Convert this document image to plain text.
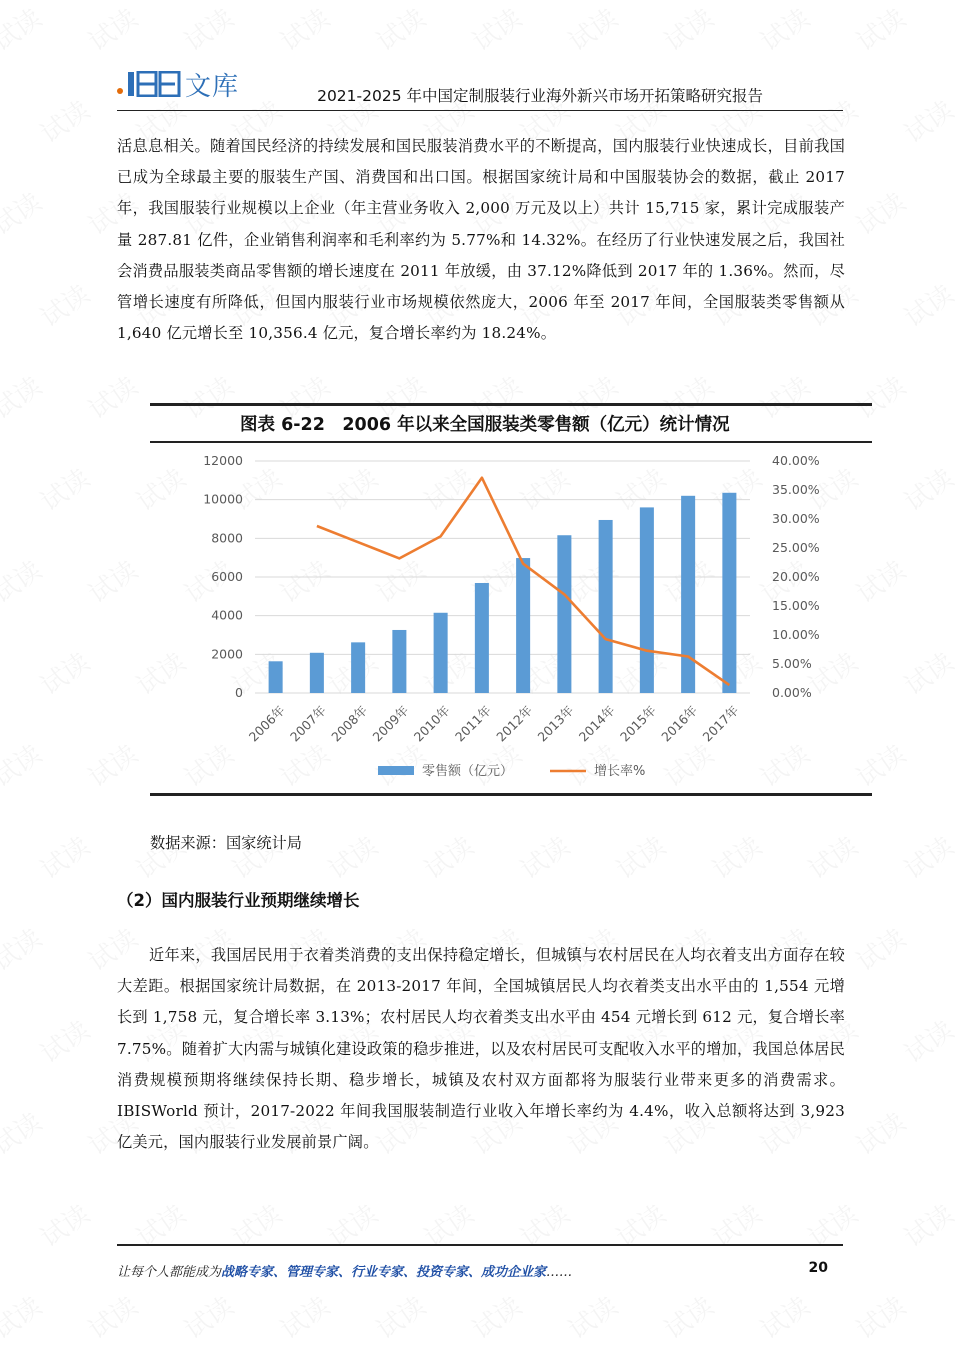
文库	2021-2025 年中国定制服装行业海外新兴市场开拓策略研究报告
活息息相关。随着国民经济的持续发展和国民服装消费水平的不断提高，国内服装行业快速成长，目前我国已成为全球最主要的服装生产国、消费国和出口国。根据国家统计局和中国服装协会的数据，截止 2017 年，我国服装行业规模以上企业（年主营业务收入 2,000 万元及以上）共计 15,715 家，累计完成服装产量 287.81 亿件，企业销售利润率和毛利率约为 5.77%和 14.32%。在经历了行业快速发展之后，我国社会消费品服装类商品零售额的增长速度在 2011 年放缓，由 37.12%降低到 2017 年的 1.36%。然而，尽管增长速度有所降低，但国内服装行业市场规模依然庞大，2006 年至 2017 年间，全国服装类零售额从 1,640 亿元增长至 10,356.4 亿元，复合增长率约为 18.24%。
图表 6-22　2006 年以来全国服装类零售额（亿元）统计情况
0
2000
4000
6000
8000
10000
12000
0.00%
5.00%
10.00%
15.00%
20.00%
25.00%
30.00%
35.00%
40.00%
2006年 2007年 2008年 2009年 2010年 2011年 2012年 2013年 2014年 2015年 2016年 2017年
零售额（亿元）	增长率%
数据来源：国家统计局
（2）国内服装行业预期继续增长
近年来，我国居民用于衣着类消费的支出保持稳定增长，但城镇与农村居民在人均衣着支出方面存在较大差距。根据国家统计局数据，在 2013-2017 年间，全国城镇居民人均衣着类支出水平由的 1,554 元增长到 1,758 元，复合增长率 3.13%；农村居民人均衣着类支出水平由 454 元增长到 612 元，复合增长率 7.75%。随着扩大内需与城镇化建设政策的稳步推进，以及农村居民可支配收入水平的增加，我国总体居民消费规模预期将继续保持长期、稳步增长，城镇及农村双方面都将为服装行业带来更多的消费需求。IBISWorld 预计，2017-2022 年间我国服装制造行业收入年增长率约为 4.4%，收入总额将达到 3,923 亿美元，国内服装行业发展前景广阔。
让每个人都能成为战略专家、管理专家、行业专家、投资专家、成功企业家……	20
